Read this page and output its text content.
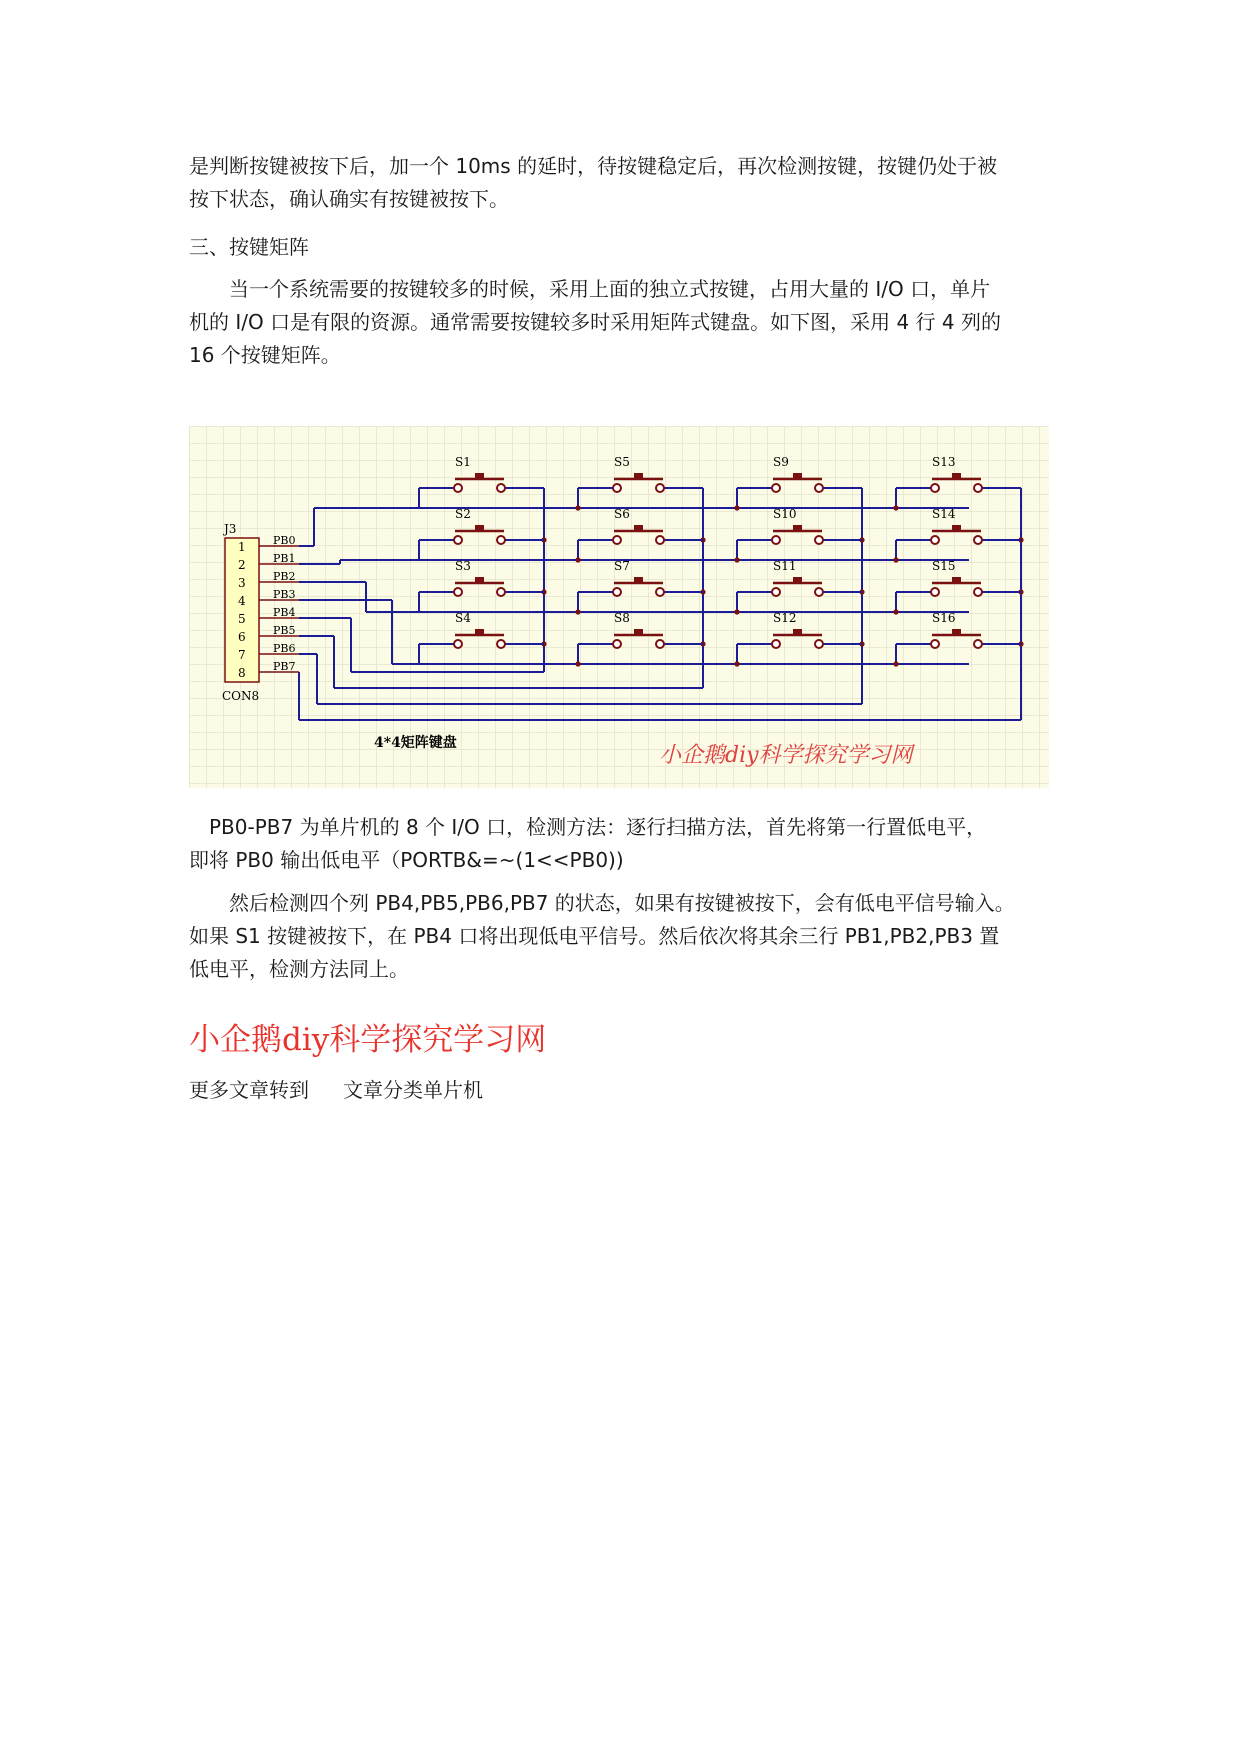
是判断按键被按下后，加一个 10ms 的延时，待按键稳定后，再次检测按键，按键仍处于被
按下状态，确认确实有按键被按下。
三、按键矩阵
　　当一个系统需要的按键较多的时候，采用上面的独立式按键，占用大量的 I/O 口，单片
机的 I/O 口是有限的资源。通常需要按键较多时采用矩阵式键盘。如下图，采用 4 行 4 列的
16 个按键矩阵。
S1	S5	S9	S13
S2	S6	S10	S14
S3	S7	S11	S15
S4	S8	S12	S16
J3
CON8
1
2
3
4
5
6
7
8
PB0
PB1
PB2
PB3
PB4
PB5
PB6
PB7
4*4矩阵键盘	小企鹅diy科学探究学习网
　PB0-PB7 为单片机的 8 个 I/O 口，检测方法：逐行扫描方法，首先将第一行置低电平，
即将 PB0 输出低电平（PORTB&=~(1<<PB0))
　　然后检测四个列 PB4,PB5,PB6,PB7 的状态，如果有按键被按下，会有低电平信号输入。
如果 S1 按键被按下，在 PB4 口将出现低电平信号。然后依次将其余三行 PB1,PB2,PB3 置
低电平，检测方法同上。
小企鹅diy科学探究学习网
更多文章转到 文章分类单片机
